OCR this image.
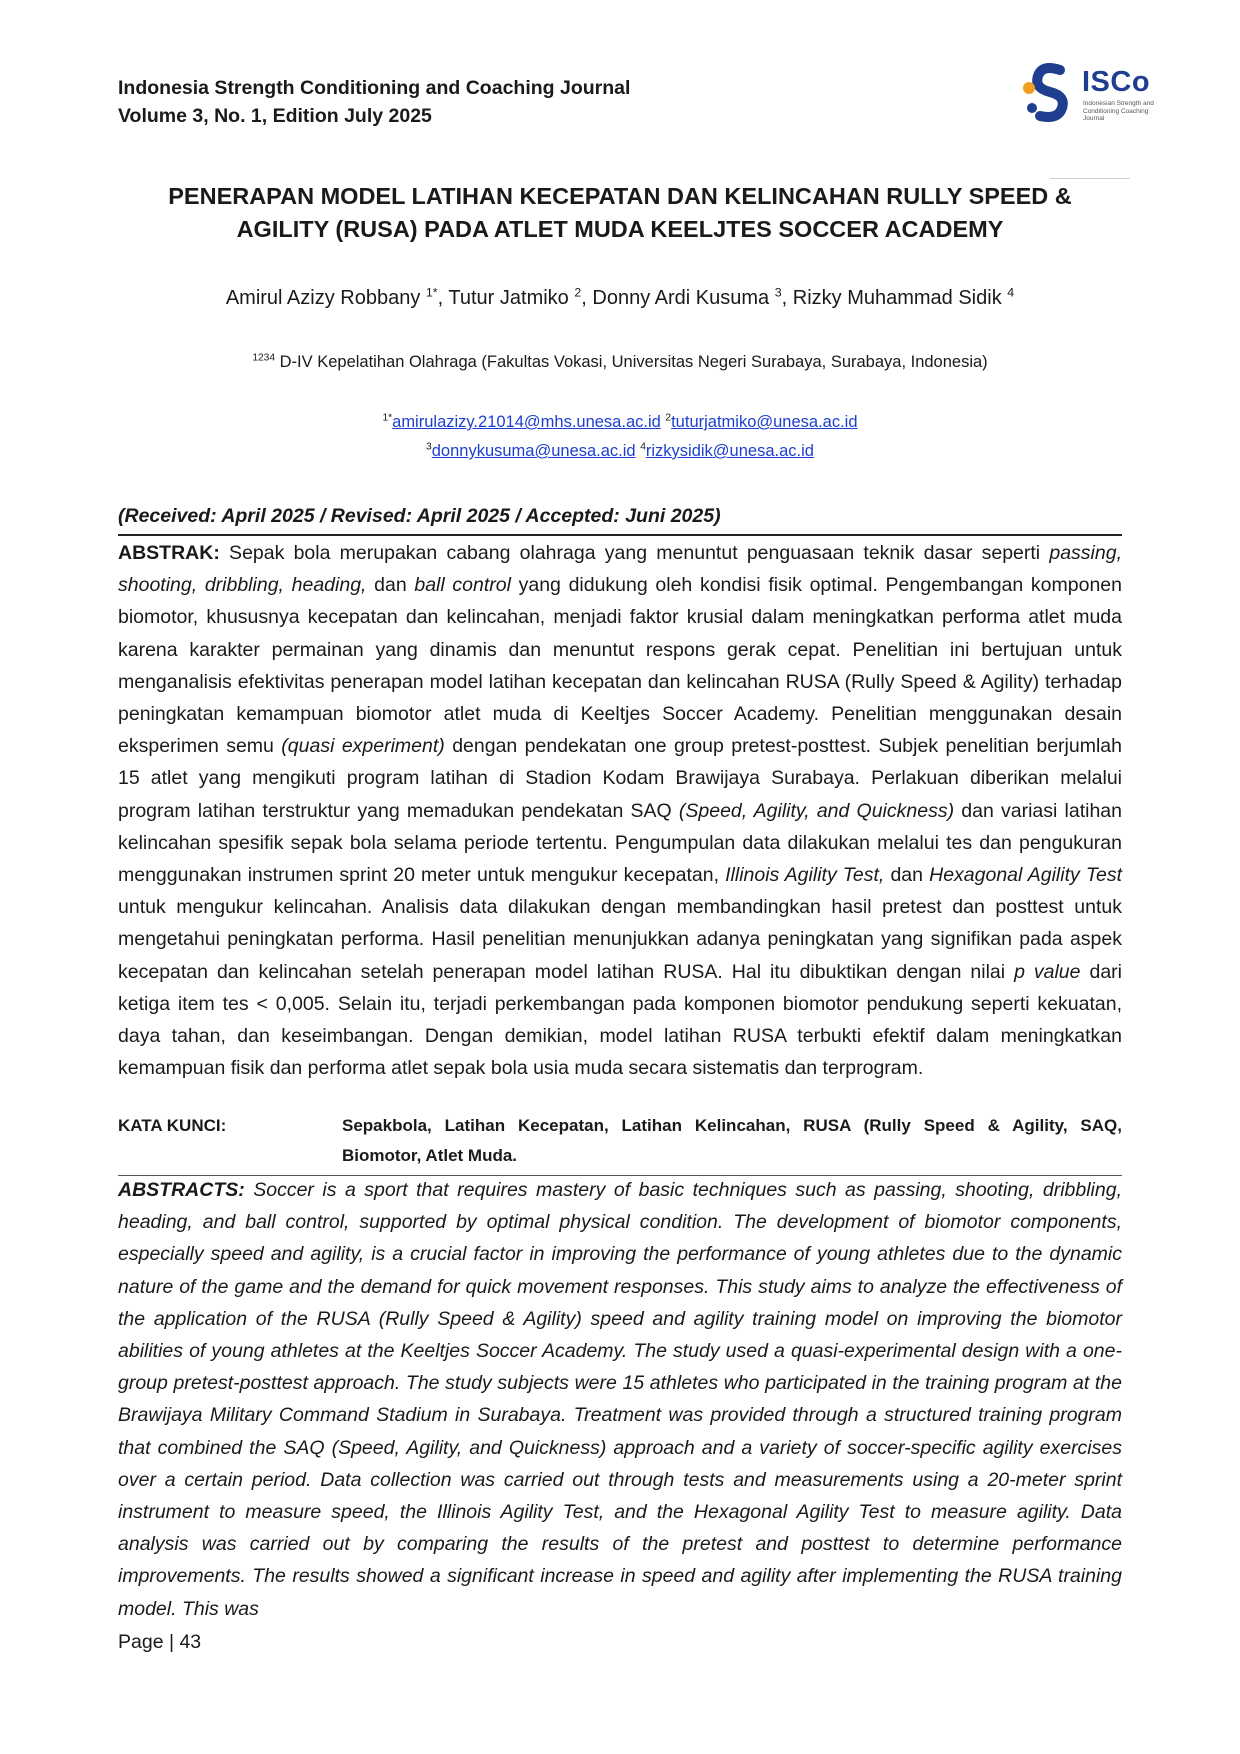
Indonesia Strength Conditioning and Coaching Journal
Volume 3, No. 1, Edition July 2025
ISCo
Indonesian Strength and Conditioning Coaching Journal
PENERAPAN MODEL LATIHAN KECEPATAN DAN KELINCAHAN RULLY SPEED &
AGILITY (RUSA) PADA ATLET MUDA KEELJTES SOCCER ACADEMY
Amirul Azizy Robbany $^{1*}$, Tutur Jatmiko $^2$, Donny Ardi Kusuma $^3$, Rizky Muhammad Sidik $^4$
$^{1234}$ D-IV Kepelatihan Olahraga (Fakultas Vokasi, Universitas Negeri Surabaya, Surabaya, Indonesia)
$^{1*}$amirulazizy.21014@mhs.unesa.ac.id $^2$tuturjatmiko@unesa.ac.id
$^3$donnykusuma@unesa.ac.id $^4$rizkysidik@unesa.ac.id
(Received: April 2025 / Revised: April 2025 / Accepted: Juni 2025)
ABSTRAK: Sepak bola merupakan cabang olahraga yang menuntut penguasaan teknik dasar seperti passing, shooting, dribbling, heading, dan ball control yang didukung oleh kondisi fisik optimal. Pengembangan komponen biomotor, khususnya kecepatan dan kelincahan, menjadi faktor krusial dalam meningkatkan performa atlet muda karena karakter permainan yang dinamis dan menuntut respons gerak cepat. Penelitian ini bertujuan untuk menganalisis efektivitas penerapan model latihan kecepatan dan kelincahan RUSA (Rully Speed & Agility) terhadap peningkatan kemampuan biomotor atlet muda di Keeltjes Soccer Academy. Penelitian menggunakan desain eksperimen semu (quasi experiment) dengan pendekatan one group pretest-posttest. Subjek penelitian berjumlah 15 atlet yang mengikuti program latihan di Stadion Kodam Brawijaya Surabaya. Perlakuan diberikan melalui program latihan terstruktur yang memadukan pendekatan SAQ (Speed, Agility, and Quickness) dan variasi latihan kelincahan spesifik sepak bola selama periode tertentu. Pengumpulan data dilakukan melalui tes dan pengukuran menggunakan instrumen sprint 20 meter untuk mengukur kecepatan, Illinois Agility Test, dan Hexagonal Agility Test untuk mengukur kelincahan. Analisis data dilakukan dengan membandingkan hasil pretest dan posttest untuk mengetahui peningkatan performa. Hasil penelitian menunjukkan adanya peningkatan yang signifikan pada aspek kecepatan dan kelincahan setelah penerapan model latihan RUSA. Hal itu dibuktikan dengan nilai p value dari ketiga item tes < 0,005. Selain itu, terjadi perkembangan pada komponen biomotor pendukung seperti kekuatan, daya tahan, dan keseimbangan. Dengan demikian, model latihan RUSA terbukti efektif dalam meningkatkan kemampuan fisik dan performa atlet sepak bola usia muda secara sistematis dan terprogram.
KATA KUNCI:	Sepakbola, Latihan Kecepatan, Latihan Kelincahan, RUSA (Rully Speed & Agility, SAQ, Biomotor, Atlet Muda.
ABSTRACTS: Soccer is a sport that requires mastery of basic techniques such as passing, shooting, dribbling, heading, and ball control, supported by optimal physical condition. The development of biomotor components, especially speed and agility, is a crucial factor in improving the performance of young athletes due to the dynamic nature of the game and the demand for quick movement responses. This study aims to analyze the effectiveness of the application of the RUSA (Rully Speed & Agility) speed and agility training model on improving the biomotor abilities of young athletes at the Keeltjes Soccer Academy. The study used a quasi-experimental design with a one-group pretest-posttest approach. The study subjects were 15 athletes who participated in the training program at the Brawijaya Military Command Stadium in Surabaya. Treatment was provided through a structured training program that combined the SAQ (Speed, Agility, and Quickness) approach and a variety of soccer-specific agility exercises over a certain period. Data collection was carried out through tests and measurements using a 20-meter sprint instrument to measure speed, the Illinois Agility Test, and the Hexagonal Agility Test to measure agility. Data analysis was carried out by comparing the results of the pretest and posttest to determine performance improvements. The results showed a significant increase in speed and agility after implementing the RUSA training model. This was
Page | 43
